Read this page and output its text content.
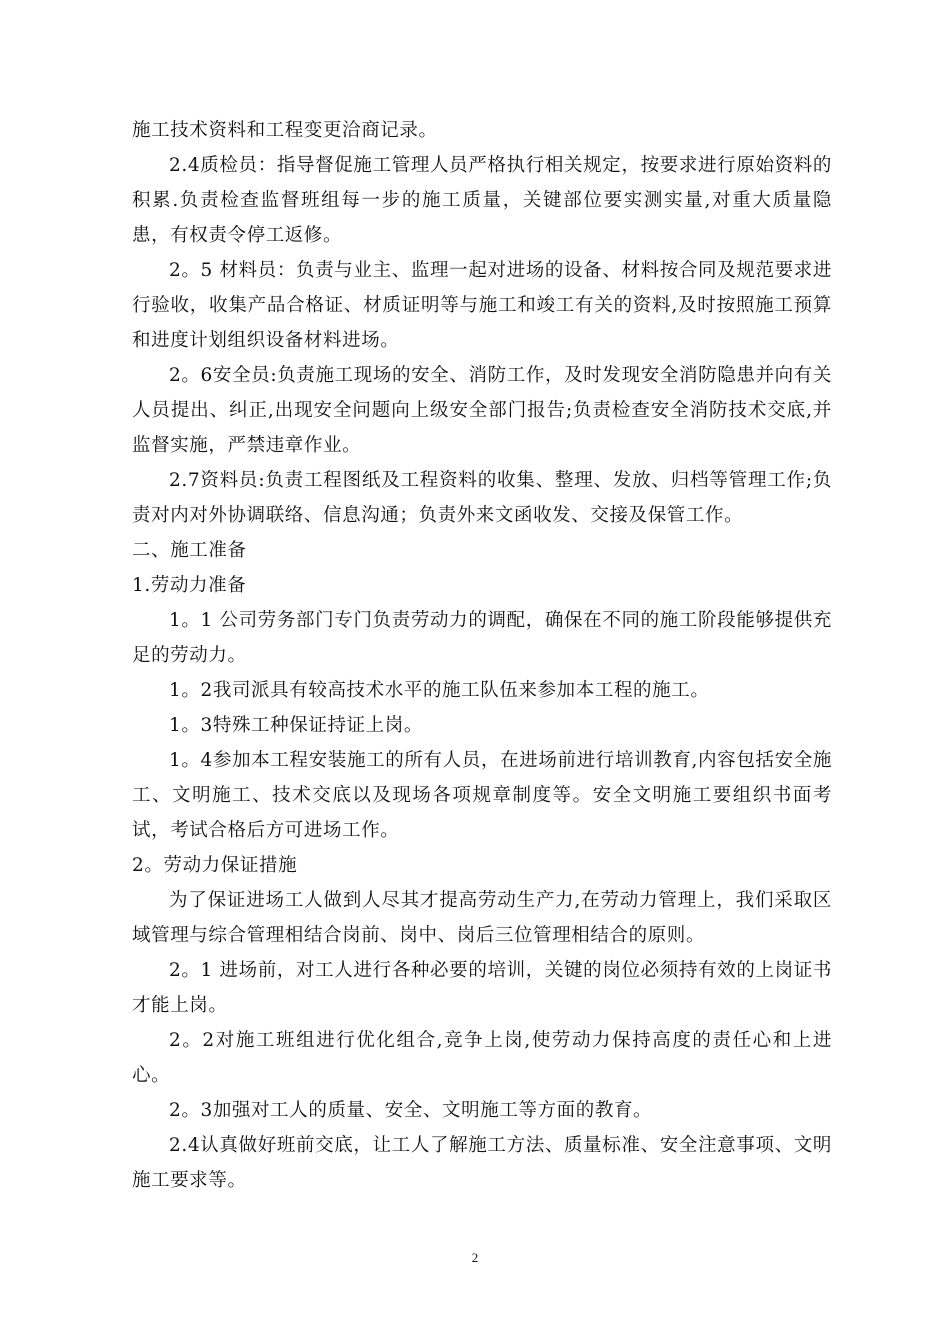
施工技术资料和工程变更洽商记录。

2.4质检员：指导督促施工管理人员严格执行相关规定，按要求进行原始资料的积累.负责检查监督班组每一步的施工质量，关键部位要实测实量,对重大质量隐患，有权责令停工返修。

2。5 材料员：负责与业主、监理一起对进场的设备、材料按合同及规范要求进行验收，收集产品合格证、材质证明等与施工和竣工有关的资料,及时按照施工预算和进度计划组织设备材料进场。

2。6安全员:负责施工现场的安全、消防工作，及时发现安全消防隐患并向有关人员提出、纠正,出现安全问题向上级安全部门报告;负责检查安全消防技术交底,并监督实施，严禁违章作业。

2.7资料员:负责工程图纸及工程资料的收集、整理、发放、归档等管理工作;负责对内对外协调联络、信息沟通；负责外来文函收发、交接及保管工作。

二、施工准备

1.劳动力准备

1。1 公司劳务部门专门负责劳动力的调配，确保在不同的施工阶段能够提供充足的劳动力。

1。2我司派具有较高技术水平的施工队伍来参加本工程的施工。

1。3特殊工种保证持证上岗。

1。4参加本工程安装施工的所有人员，在进场前进行培训教育,内容包括安全施工、文明施工、技术交底以及现场各项规章制度等。安全文明施工要组织书面考试，考试合格后方可进场工作。

2。劳动力保证措施

为了保证进场工人做到人尽其才提高劳动生产力,在劳动力管理上，我们采取区域管理与综合管理相结合岗前、岗中、岗后三位管理相结合的原则。

2。1 进场前，对工人进行各种必要的培训，关键的岗位必须持有效的上岗证书才能上岗。

2。2对施工班组进行优化组合,竞争上岗,使劳动力保持高度的责任心和上进心。

2。3加强对工人的质量、安全、文明施工等方面的教育。

2.4认真做好班前交底，让工人了解施工方法、质量标准、安全注意事项、文明施工要求等。

2
